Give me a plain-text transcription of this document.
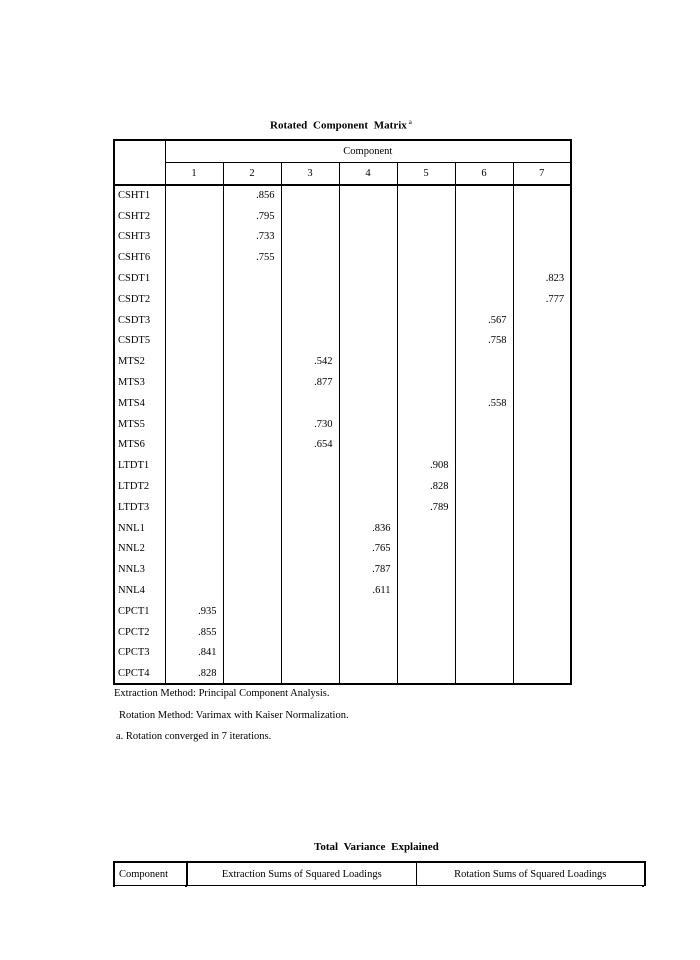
Rotated Component Matrix $^a$
	Component						
	1	2	3	4	5	6	7
CSHT1		.856					
CSHT2		.795					
CSHT3		.733					
CSHT6		.755					
CSDT1							.823
CSDT2							.777
CSDT3						.567	
CSDT5						.758	
MTS2			.542				
MTS3			.877				
MTS4						.558	
MTS5			.730				
MTS6			.654				
LTDT1					.908		
LTDT2					.828		
LTDT3					.789		
NNL1				.836			
NNL2				.765			
NNL3				.787			
NNL4				.611			
CPCT1	.935						
CPCT2	.855						
CPCT3	.841						
CPCT4	.828						
Extraction Method: Principal Component Analysis.
Rotation Method: Varimax with Kaiser Normalization.
a. Rotation converged in 7 iterations.
Total Variance Explained
Component	Extraction Sums of Squared Loadings	Rotation Sums of Squared Loadings
